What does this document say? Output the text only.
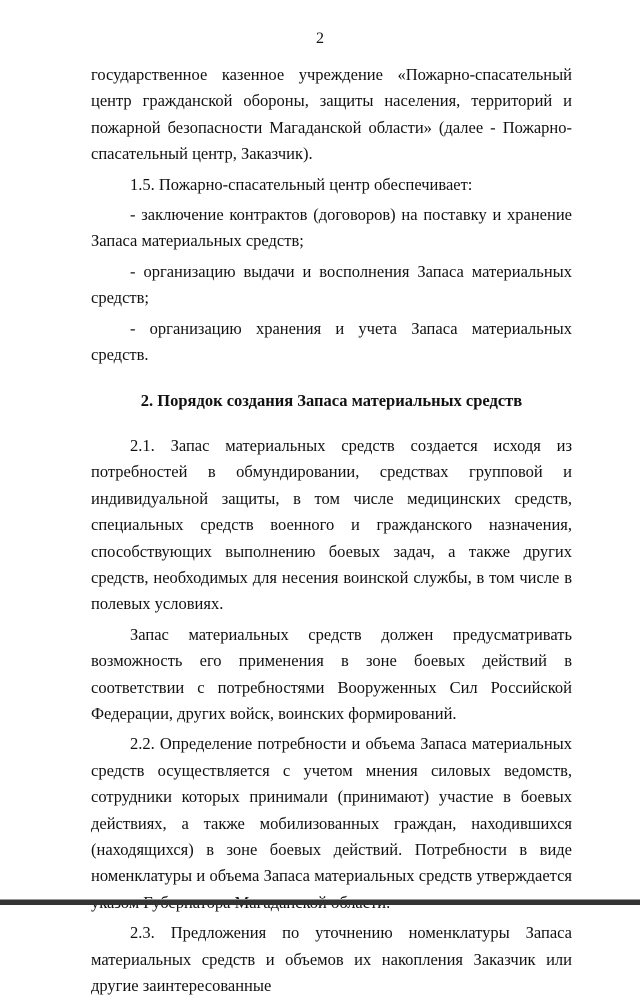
2

государственное казенное учреждение «Пожарно-спасательный центр гражданской обороны, защиты населения, территорий и пожарной безопасности Магаданской области» (далее - Пожарно-спасательный центр, Заказчик).

1.5. Пожарно-спасательный центр обеспечивает:

- заключение контрактов (договоров) на поставку и хранение Запаса материальных средств;

- организацию выдачи и восполнения Запаса материальных средств;

- организацию хранения и учета Запаса материальных средств.

2. Порядок создания Запаса материальных средств

2.1. Запас материальных средств создается исходя из потребностей в обмундировании, средствах групповой и индивидуальной защиты, в том числе медицинских средств, специальных средств военного и гражданского назначения, способствующих выполнению боевых задач, а также других средств, необходимых для несения воинской службы, в том числе в полевых условиях.

Запас материальных средств должен предусматривать возможность его применения в зоне боевых действий в соответствии с потребностями Вооруженных Сил Российской Федерации, других войск, воинских формирований.

2.2. Определение потребности и объема Запаса материальных средств осуществляется с учетом мнения силовых ведомств, сотрудники которых принимали (принимают) участие в боевых действиях, а также мобилизованных граждан, находившихся (находящихся) в зоне боевых действий. Потребности в виде номенклатуры и объема Запаса материальных средств утверждается

2.3. Предложения по уточнению номенклатуры Запаса материальных средств и объемов их накопления Заказчик или другие заинтересованные
